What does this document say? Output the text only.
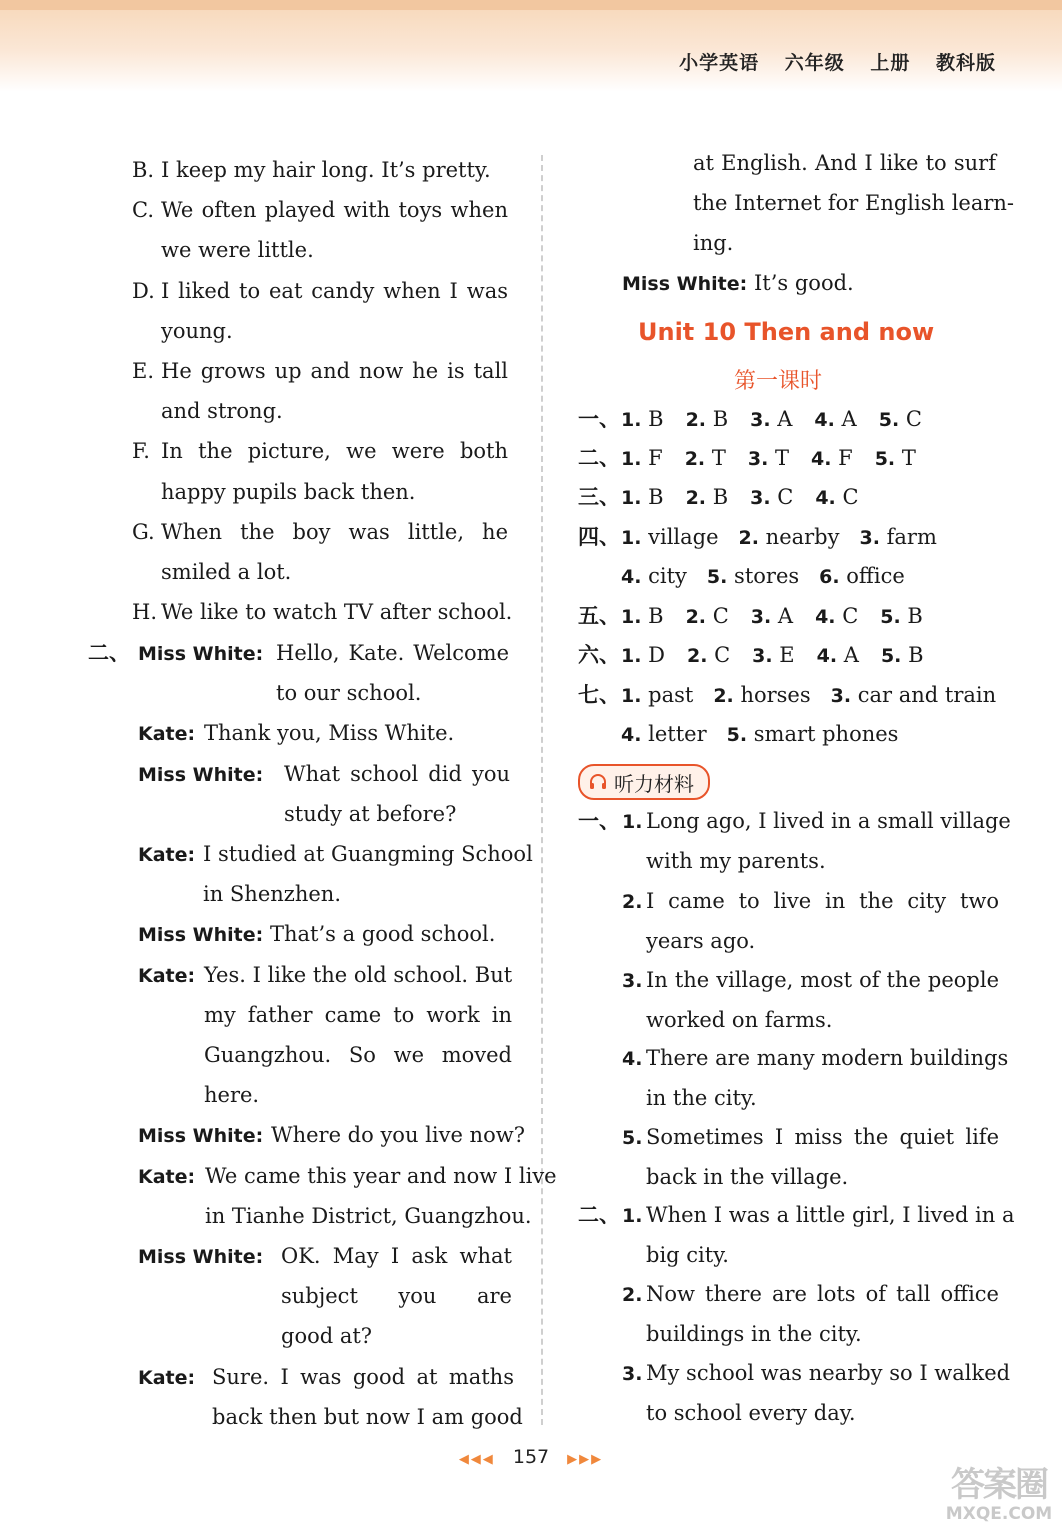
小学英语 六年级 上册 教科版
B. I keep my hair long. It’s pretty.
C. We often played with toys when
we were little.
D. I liked to eat candy when I was
young.
E. He grows up and now he is tall
and strong.
F. In the picture, we were both
happy pupils back then.
G. When the boy was little, he
smiled a lot.
H. We like to watch TV after school.
二、 Miss White: Hello, Kate. Welcome
to our school.
Kate: Thank you, Miss White.
Miss White: What school did you
study at before?
Kate: I studied at Guangming School
in Shenzhen.
Miss White: That’s a good school.
Kate: Yes. I like the old school. But
my father came to work in
Guangzhou. So we moved
here.
Miss White: Where do you live now?
Kate: We came this year and now I live
in Tianhe District, Guangzhou.
Miss White: OK. May I ask what
subject you are
good at?
Kate: Sure. I was good at maths
back then but now I am good
at English. And I like to surf
the Internet for English learn-
ing.
Miss White: It’s good.
一、 1. B 2. B 3. A 4. A 5. C
二、 1. F 2. T 3. T 4. F 5. T
三、 1. B 2. B 3. C 4. C
四、 1. village 2. nearby 3. farm
4. city 5. stores 6. office
五、 1. B 2. C 3. A 4. C 5. B
六、 1. D 2. C 3. E 4. A 5. B
七、 1. past 2. horses 3. car and train
4. letter 5. smart phones
一、 1. Long ago, I lived in a small village
with my parents.
2. I came to live in the city two
years ago.
3. In the village, most of the people
worked on farms.
4. There are many modern buildings
in the city.
5. Sometimes I miss the quiet life
back in the village.
二、 1. When I was a little girl, I lived in a
big city.
2. Now there are lots of tall office
buildings in the city.
3. My school was nearby so I walked
to school every day.
Unit 10 Then and now
第一课时
听力材料
◀◀◀ 157 ▶▶▶
答案圈
MXQE.COM
